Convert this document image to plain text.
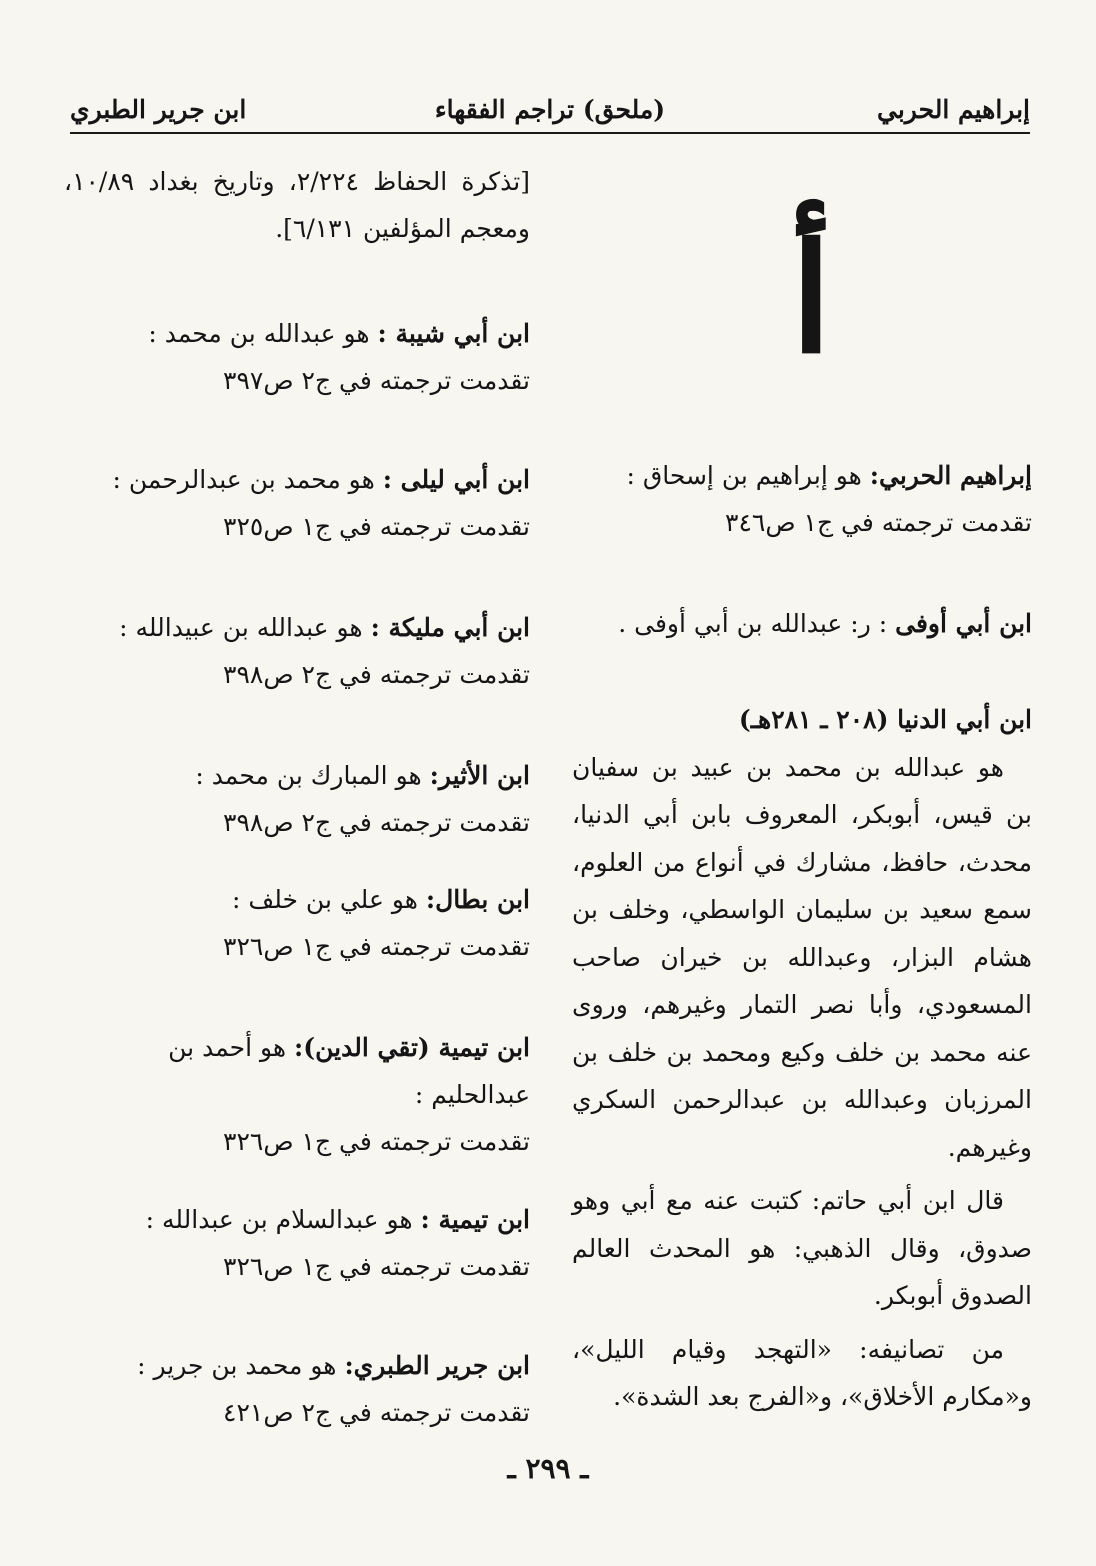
إبراهيم الحربي
(ملحق) تراجم الفقهاء
ابن جرير الطبري
أ
إبراهيم الحربي: هو إبراهيم بن إسحاق :
تقدمت ترجمته في ج١ ص٣٤٦
ابن أبي أوفى : ر: عبدالله بن أبي أوفى .

ابن أبي الدنيا (٢٠٨ ـ ٢٨١هـ)

هو عبدالله بن محمد بن عبيد بن سفيان بن قيس، أبوبكر، المعروف بابن أبي الدنيا، محدث، حافظ، مشارك في أنواع من العلوم، سمع سعيد بن سليمان الواسطي، وخلف بن هشام البزار، وعبدالله بن خيران صاحب المسعودي، وأبا نصر التمار وغيرهم، وروى عنه محمد بن خلف وكيع ومحمد بن خلف بن المرزبان وعبدالله بن عبدالرحمن السكري وغيرهم.

قال ابن أبي حاتم: كتبت عنه مع أبي وهو صدوق، وقال الذهبي: هو المحدث العالم الصدوق أبوبكر.

من تصانيفه: «التهجد وقيام الليل»، و«مكارم الأخلاق»، و«الفرج بعد الشدة».

[تذكرة الحفاظ ٢/٢٢٤، وتاريخ بغداد ١٠/٨٩، ومعجم المؤلفين ٦/١٣١].
ابن أبي شيبة : هو عبدالله بن محمد :
تقدمت ترجمته في ج٢ ص٣٩٧
ابن أبي ليلى : هو محمد بن عبدالرحمن :
تقدمت ترجمته في ج١ ص٣٢٥
ابن أبي مليكة : هو عبدالله بن عبيدالله :
تقدمت ترجمته في ج٢ ص٣٩٨
ابن الأثير: هو المبارك بن محمد :
تقدمت ترجمته في ج٢ ص٣٩٨
ابن بطال: هو علي بن خلف :
تقدمت ترجمته في ج١ ص٣٢٦
ابن تيمية (تقي الدين): هو أحمد بن عبدالحليم :
تقدمت ترجمته في ج١ ص٣٢٦
ابن تيمية : هو عبدالسلام بن عبدالله :
تقدمت ترجمته في ج١ ص٣٢٦
ابن جرير الطبري: هو محمد بن جرير :
تقدمت ترجمته في ج٢ ص٤٢١
ـ ٢٩٩ ـ
